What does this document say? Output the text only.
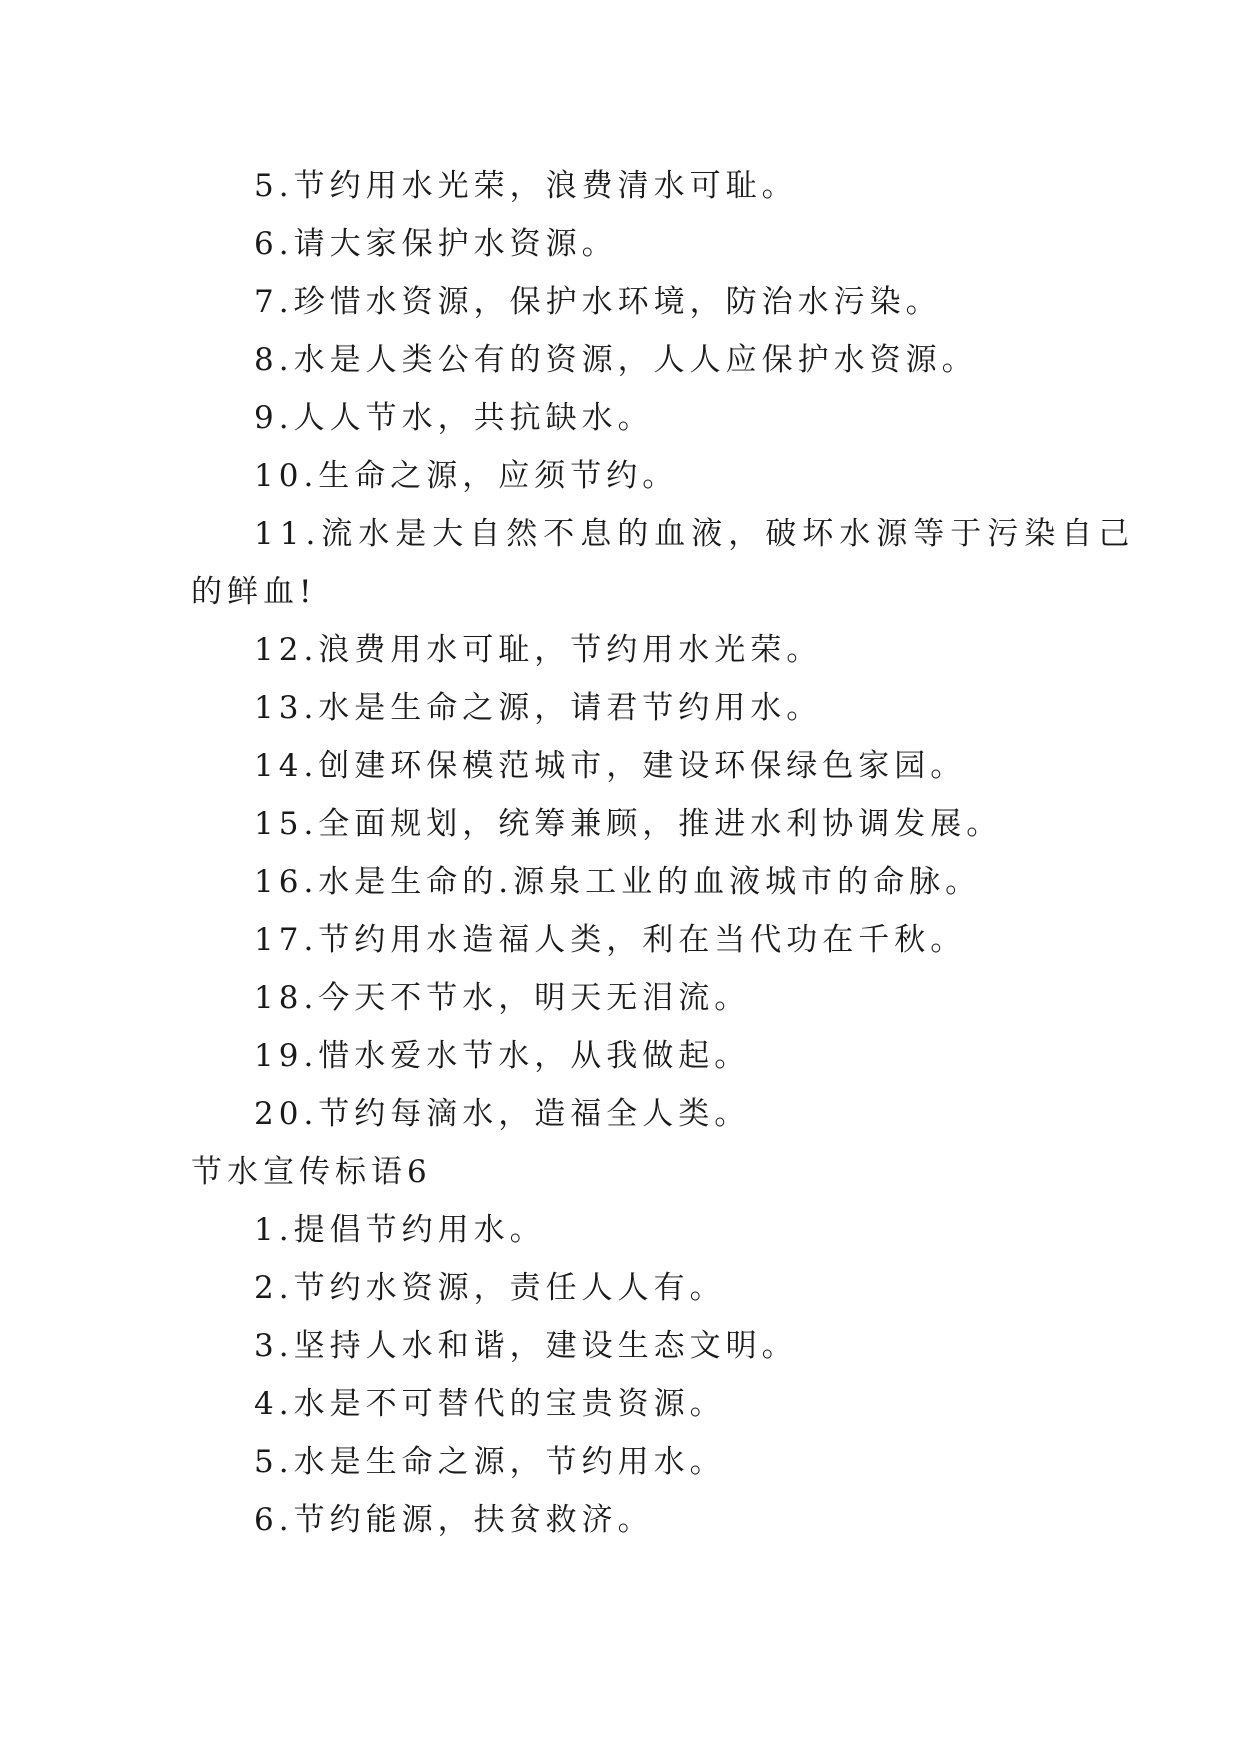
5.节约用水光荣，浪费清水可耻。
6.请大家保护水资源。
7.珍惜水资源，保护水环境，防治水污染。
8.水是人类公有的资源，人人应保护水资源。
9.人人节水，共抗缺水。
10.生命之源，应须节约。
11.流水是大自然不息的血液，破坏水源等于污染自己
的鲜血!
12.浪费用水可耻，节约用水光荣。
13.水是生命之源，请君节约用水。
14.创建环保模范城市，建设环保绿色家园。
15.全面规划，统筹兼顾，推进水利协调发展。
16.水是生命的.源泉工业的血液城市的命脉。
17.节约用水造福人类，利在当代功在千秋。
18.今天不节水，明天无泪流。
19.惜水爱水节水，从我做起。
20.节约每滴水，造福全人类。
节水宣传标语6
1.提倡节约用水。
2.节约水资源，责任人人有。
3.坚持人水和谐，建设生态文明。
4.水是不可替代的宝贵资源。
5.水是生命之源，节约用水。
6.节约能源，扶贫救济。
